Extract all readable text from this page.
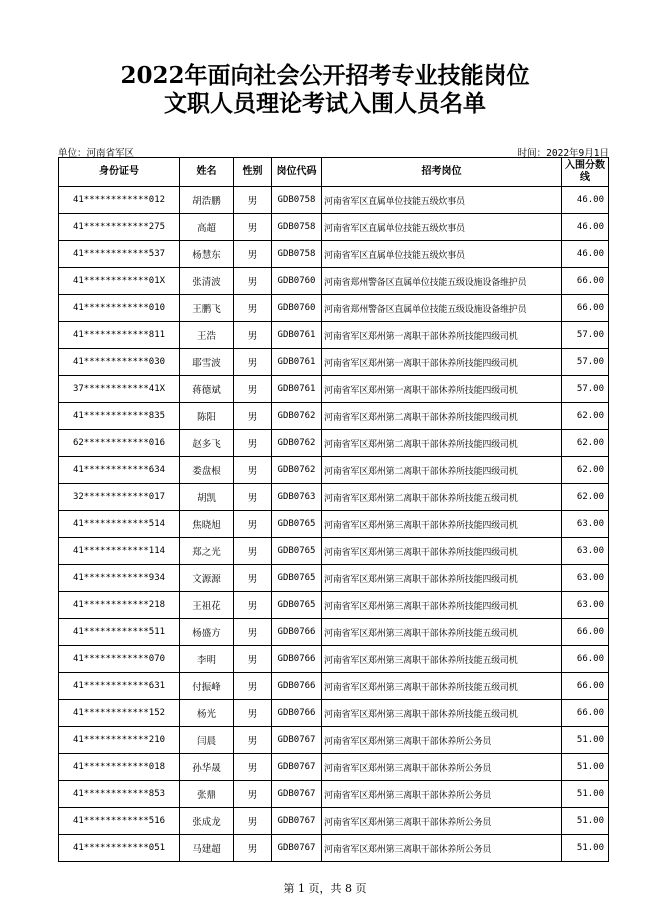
2022年面向社会公开招考专业技能岗位
文职人员理论考试入围人员名单
单位：河南省军区	时间：2022年9月1日
身份证号	姓名	性别	岗位代码	招考岗位	入围分数线
41************012	胡浩鹏	男	GDB0758	河南省军区直属单位技能五级炊事员	46.00
41************275	高超	男	GDB0758	河南省军区直属单位技能五级炊事员	46.00
41************537	杨慧东	男	GDB0758	河南省军区直属单位技能五级炊事员	46.00
41************01X	张清波	男	GDB0760	河南省郑州警备区直属单位技能五级设施设备维护员	66.00
41************010	王鹏飞	男	GDB0760	河南省郑州警备区直属单位技能五级设施设备维护员	66.00
41************811	王浩	男	GDB0761	河南省军区郑州第一离职干部休养所技能四级司机	57.00
41************030	耶雪波	男	GDB0761	河南省军区郑州第一离职干部休养所技能四级司机	57.00
37************41X	蒋德斌	男	GDB0761	河南省军区郑州第一离职干部休养所技能四级司机	57.00
41************835	陈阳	男	GDB0762	河南省军区郑州第二离职干部休养所技能四级司机	62.00
62************016	赵多飞	男	GDB0762	河南省军区郑州第二离职干部休养所技能四级司机	62.00
41************634	娄盘根	男	GDB0762	河南省军区郑州第二离职干部休养所技能四级司机	62.00
32************017	胡凯	男	GDB0763	河南省军区郑州第二离职干部休养所技能五级司机	62.00
41************514	焦晓旭	男	GDB0765	河南省军区郑州第三离职干部休养所技能四级司机	63.00
41************114	郑之光	男	GDB0765	河南省军区郑州第三离职干部休养所技能四级司机	63.00
41************934	文源源	男	GDB0765	河南省军区郑州第三离职干部休养所技能四级司机	63.00
41************218	王祖花	男	GDB0765	河南省军区郑州第三离职干部休养所技能四级司机	63.00
41************511	杨盛方	男	GDB0766	河南省军区郑州第三离职干部休养所技能五级司机	66.00
41************070	李明	男	GDB0766	河南省军区郑州第三离职干部休养所技能五级司机	66.00
41************631	付振峰	男	GDB0766	河南省军区郑州第三离职干部休养所技能五级司机	66.00
41************152	杨光	男	GDB0766	河南省军区郑州第三离职干部休养所技能五级司机	66.00
41************210	闫晨	男	GDB0767	河南省军区郑州第三离职干部休养所公务员	51.00
41************018	孙华晟	男	GDB0767	河南省军区郑州第三离职干部休养所公务员	51.00
41************853	张鼎	男	GDB0767	河南省军区郑州第三离职干部休养所公务员	51.00
41************516	张成龙	男	GDB0767	河南省军区郑州第三离职干部休养所公务员	51.00
41************051	马建超	男	GDB0767	河南省军区郑州第三离职干部休养所公务员	51.00
第 1 页，共 8 页
